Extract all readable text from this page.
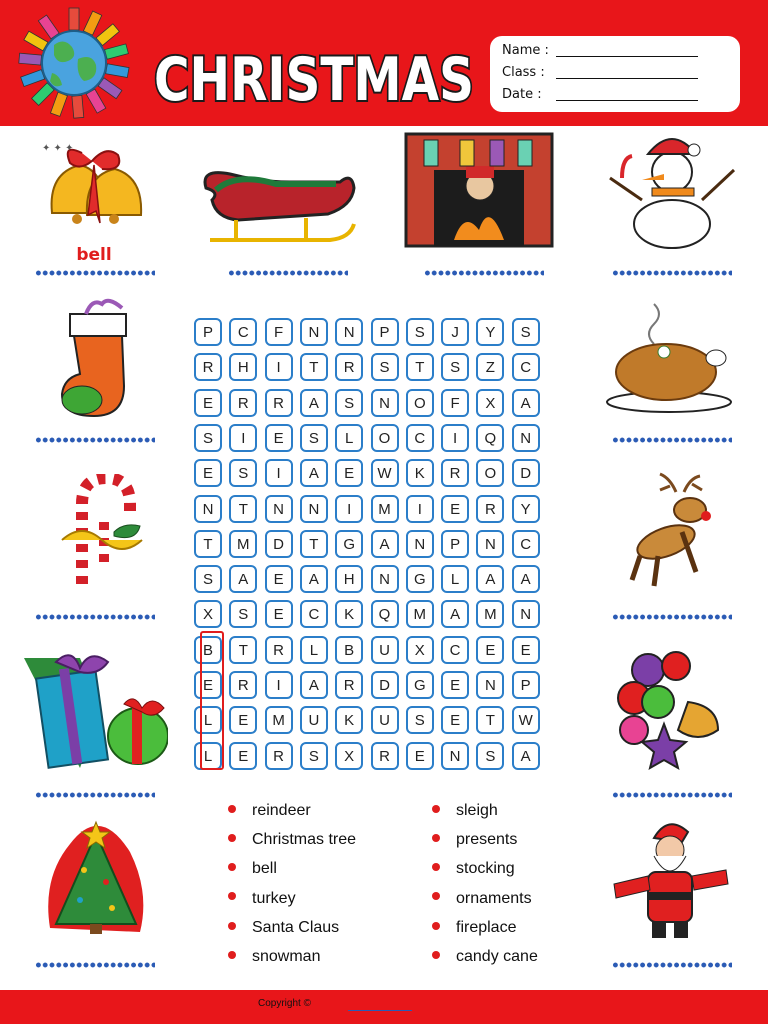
CHRISTMAS Name :
Class :
Date :
✦ ✦ ✦
bell
P	C	F	N	N	P	S	J	Y	S
R	H	I	T	R	S	T	S	Z	C
E	R	R	A	S	N	O	F	X	A
S	I	E	S	L	O	C	I	Q	N
E	S	I	A	E	W	K	R	O	D
N	T	N	N	I	M	I	E	R	Y
T	M	D	T	G	A	N	P	N	C
S	A	E	A	H	N	G	L	A	A
X	S	E	C	K	Q	M	A	M	N
B	T	R	L	B	U	X	C	E	E
E	R	I	A	R	D	G	E	N	P
L	E	M	U	K	U	S	E	T	W
L	E	R	S	X	R	E	N	S	A
reindeer
Christmas tree
bell
turkey
Santa Claus
snowman
sleigh
presents
stocking
ornaments
fireplace
candy cane
Copyright ©
